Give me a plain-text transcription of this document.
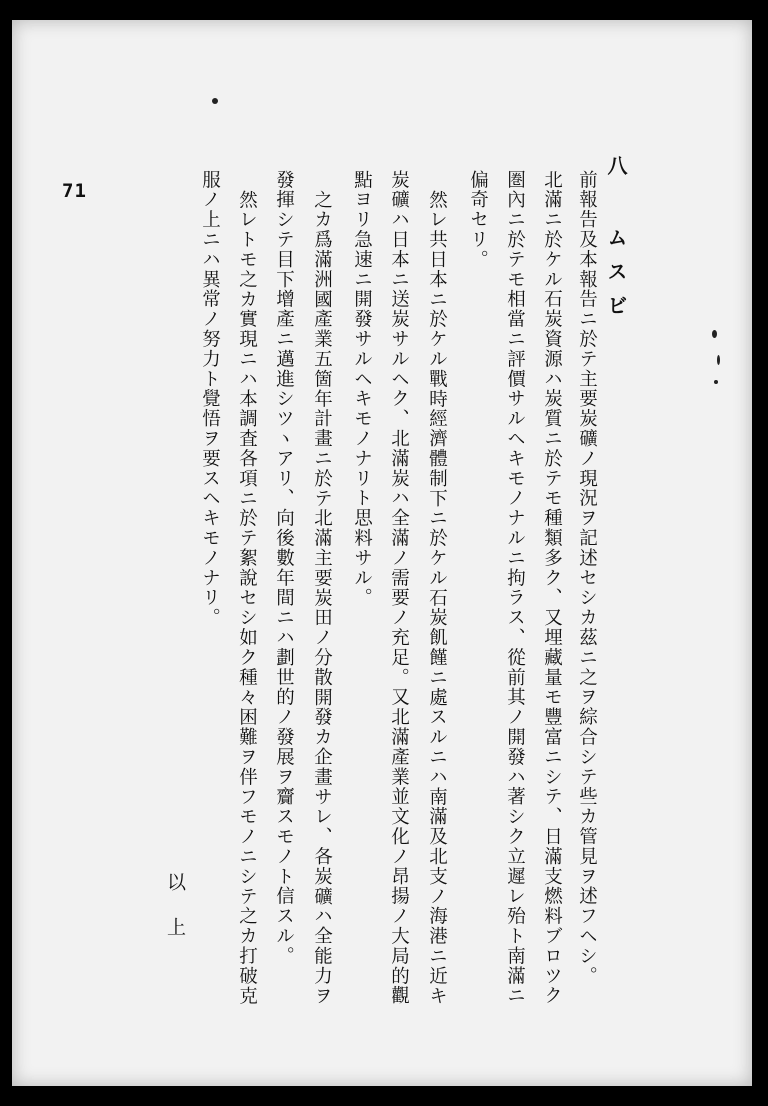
71	八 ムスビ
前報告及本報告ニ於テ主要炭礦ノ現況ヲ記述セシカ茲ニ之ヲ綜合シテ些カ管見ヲ述フヘシ。
北滿ニ於ケル石炭資源ハ炭質ニ於テモ種類多ク、又埋藏量モ豐富ニシテ、日滿支燃料ブロツク
圏內ニ於テモ相當ニ評價サルヘキモノナルニ拘ラス、從前其ノ開發ハ著シク立遲レ殆ト南滿ニ
偏奇セリ。
然レ共日本ニ於ケル戰時經濟體制下ニ於ケル石炭飢饉ニ處スルニハ南滿及北支ノ海港ニ近キ
炭礦ハ日本ニ送炭サルヘク、北滿炭ハ全滿ノ需要ノ充足。又北滿產業並文化ノ昂揚ノ大局的觀
點ヨリ急速ニ開發サルヘキモノナリト思料サル。
之カ爲滿洲國產業五箇年計畫ニ於テ北滿主要炭田ノ分散開發カ企畫サレ、各炭礦ハ全能力ヲ
發揮シテ目下增產ニ邁進シツヽアリ、向後數年間ニハ劃世的ノ發展ヲ齎スモノト信スル。
然レトモ之カ實現ニハ本調査各項ニ於テ絮說セシ如ク種々困難ヲ伴フモノニシテ之カ打破克
服ノ上ニハ異常ノ努力ト覺悟ヲ要スヘキモノナリ。
以上
